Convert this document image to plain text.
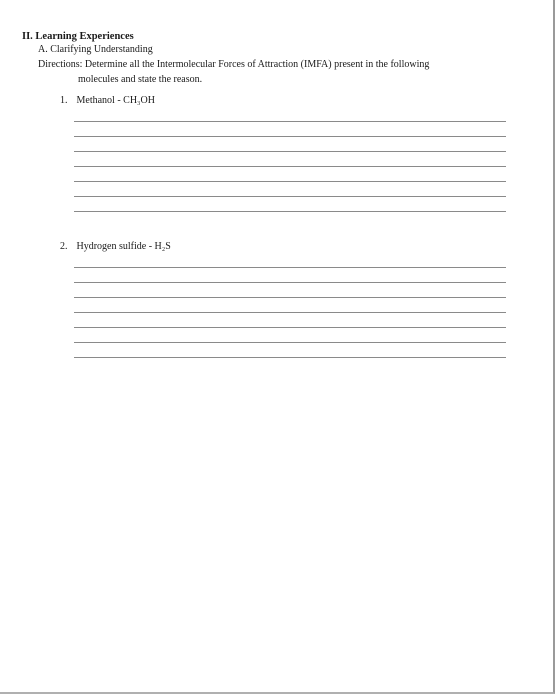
II. Learning Experiences

A. Clarifying Understanding

Directions: Determine all the Intermolecular Forces of Attraction (IMFA) present in the following
molecules and state the reason.

1. Methanol - CH₃OH

2. Hydrogen sulfide - H₂S
